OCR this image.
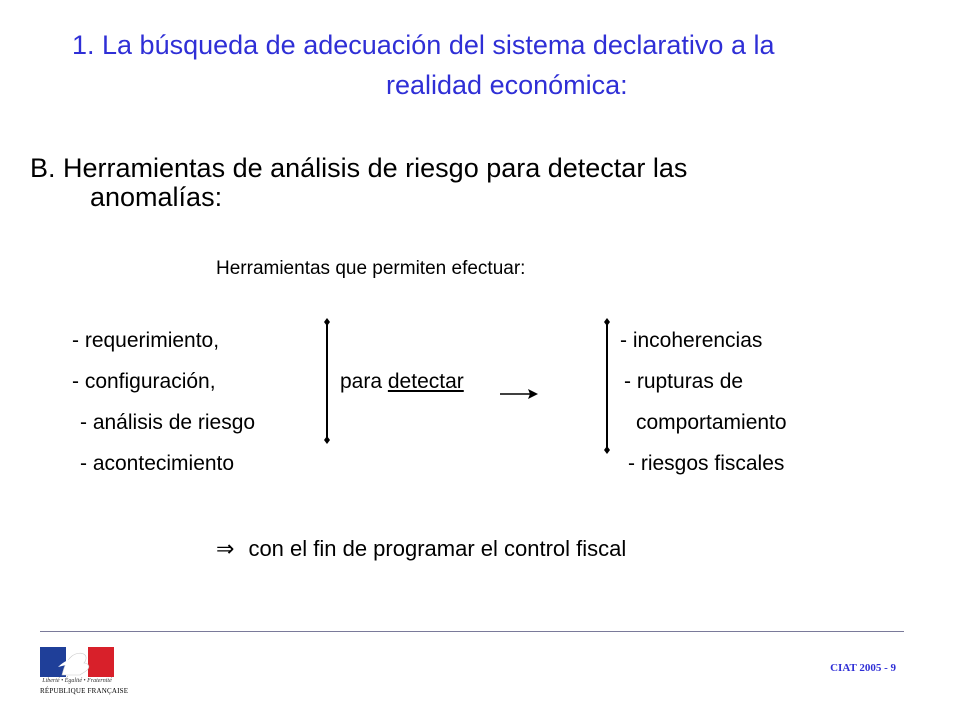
1. La búsqueda de adecuación del sistema declarativo a la
realidad económica:
B. Herramientas de análisis de riesgo para detectar las
anomalías:
Herramientas que permiten efectuar:
- requerimiento,
- configuración,
- análisis de riesgo
- acontecimiento
para detectar
- incoherencias
- rupturas de
comportamiento
- riesgos fiscales
⇒ con el fin de programar el control fiscal
Liberté • Égalité • Fraternité
RÉPUBLIQUE FRANÇAISE
CIAT 2005 - 9
